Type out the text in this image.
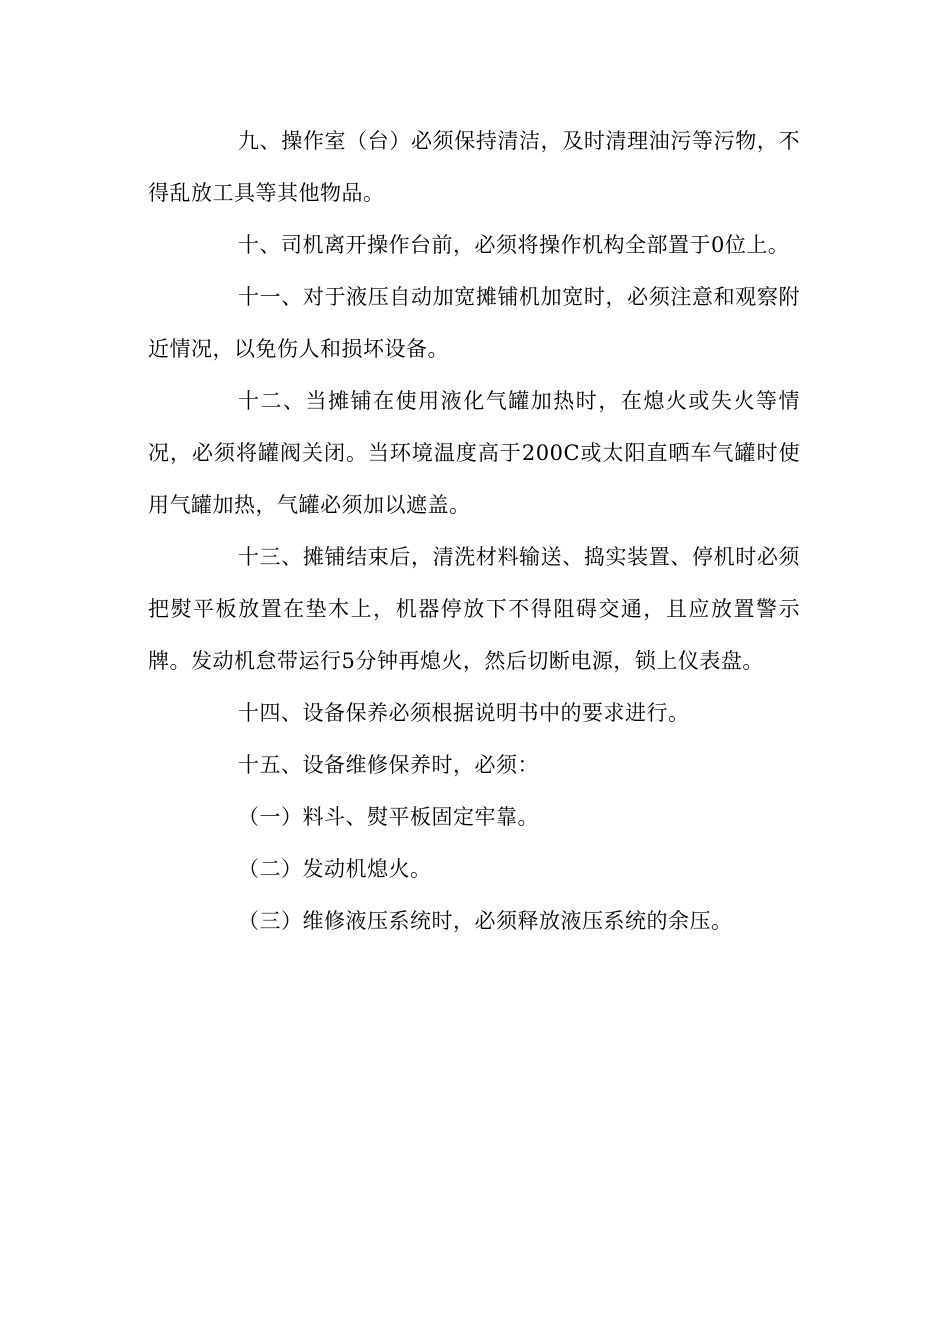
九、操作室（台）必须保持清洁，及时清理油污等污物，不得乱放工具等其他物品。

十、司机离开操作台前，必须将操作机构全部置于0位上。

十一、对于液压自动加宽摊铺机加宽时，必须注意和观察附近情况，以免伤人和损坏设备。

十二、当摊铺在使用液化气罐加热时，在熄火或失火等情况，必须将罐阀关闭。当环境温度高于200C或太阳直晒车气罐时使用气罐加热，气罐必须加以遮盖。

十三、摊铺结束后，清洗材料输送、捣实装置、停机时必须把熨平板放置在垫木上，机器停放下不得阻碍交通，且应放置警示牌。发动机怠带运行5分钟再熄火，然后切断电源，锁上仪表盘。

十四、设备保养必须根据说明书中的要求进行。

十五、设备维修保养时，必须：

（一）料斗、熨平板固定牢靠。

（二）发动机熄火。

（三）维修液压系统时，必须释放液压系统的余压。
